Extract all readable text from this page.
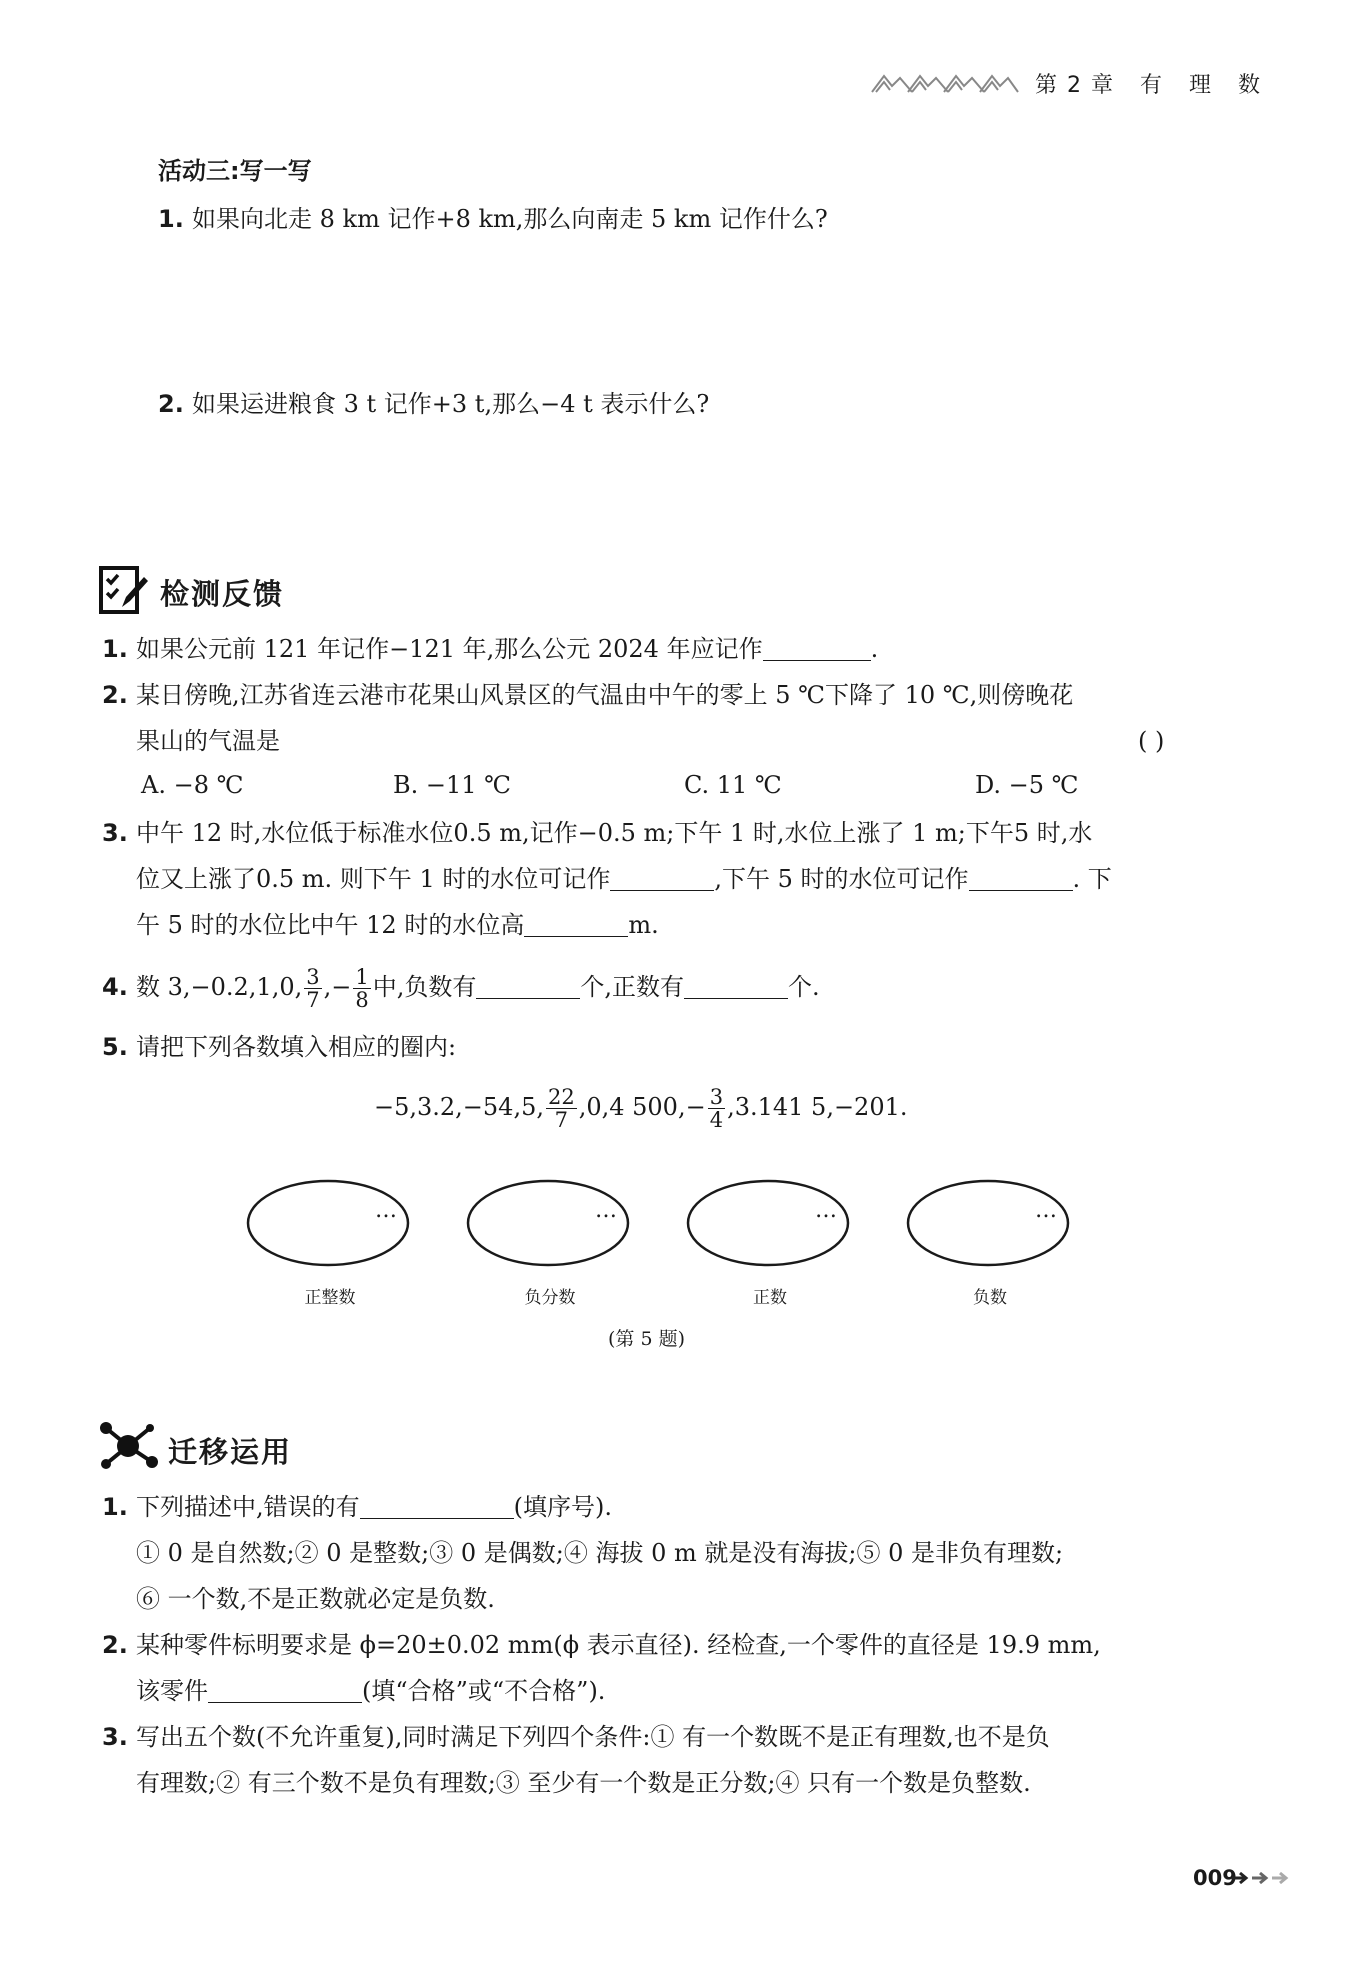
第2章 有 理 数
活动三:写一写
1. 如果向北走 8 km 记作+8 km,那么向南走 5 km 记作什么?
2. 如果运进粮食 3 t 记作+3 t,那么−4 t 表示什么?
检测反馈
1. 如果公元前 121 年记作−121 年,那么公元 2024 年应记作	.
2. 某日傍晚,江苏省连云港市花果山风景区的气温由中午的零上 5 ℃下降了 10 ℃,则傍晚花
果山的气温是	( )
A. −8 ℃	B. −11 ℃	C. 11 ℃	D. −5 ℃
3. 中午 12 时,水位低于标准水位0.5 m,记作−0.5 m;下午 1 时,水位上涨了 1 m;下午5 时,水
位又上涨了0.5 m. 则下午 1 时的水位可记作	,下午 5 时的水位可记作	. 下
午 5 时的水位比中午 12 时的水位高	m.
4. 数 3,−0.2,1,0, $\frac{3}{7}$ ,− $\frac{1}{8}$ 中,负数有	个,正数有	个.
5. 请把下列各数填入相应的圈内:
−5,3.2,−54,5, $\frac{22}{7} ,0,4$ $500,- \frac{3}{4} ,3.141$ 5,−201.
…	…	…	…
正整数	负分数	正数	负数
(第 5 题)
迁移运用
1. 下列描述中,错误的有	(填序号).
① 0 是自然数;② 0 是整数;③ 0 是偶数;④ 海拔 0 m 就是没有海拔;⑤ 0 是非负有理数;
⑥ 一个数,不是正数就必定是负数.
2. 某种零件标明要求是 ϕ=20±0.02 mm(ϕ 表示直径). 经检查,一个零件的直径是 19.9 mm,
该零件	(填“合格”或“不合格”).
3. 写出五个数(不允许重复),同时满足下列四个条件:① 有一个数既不是正有理数,也不是负
有理数;② 有三个数不是负有理数;③ 至少有一个数是正分数;④ 只有一个数是负整数.
009
